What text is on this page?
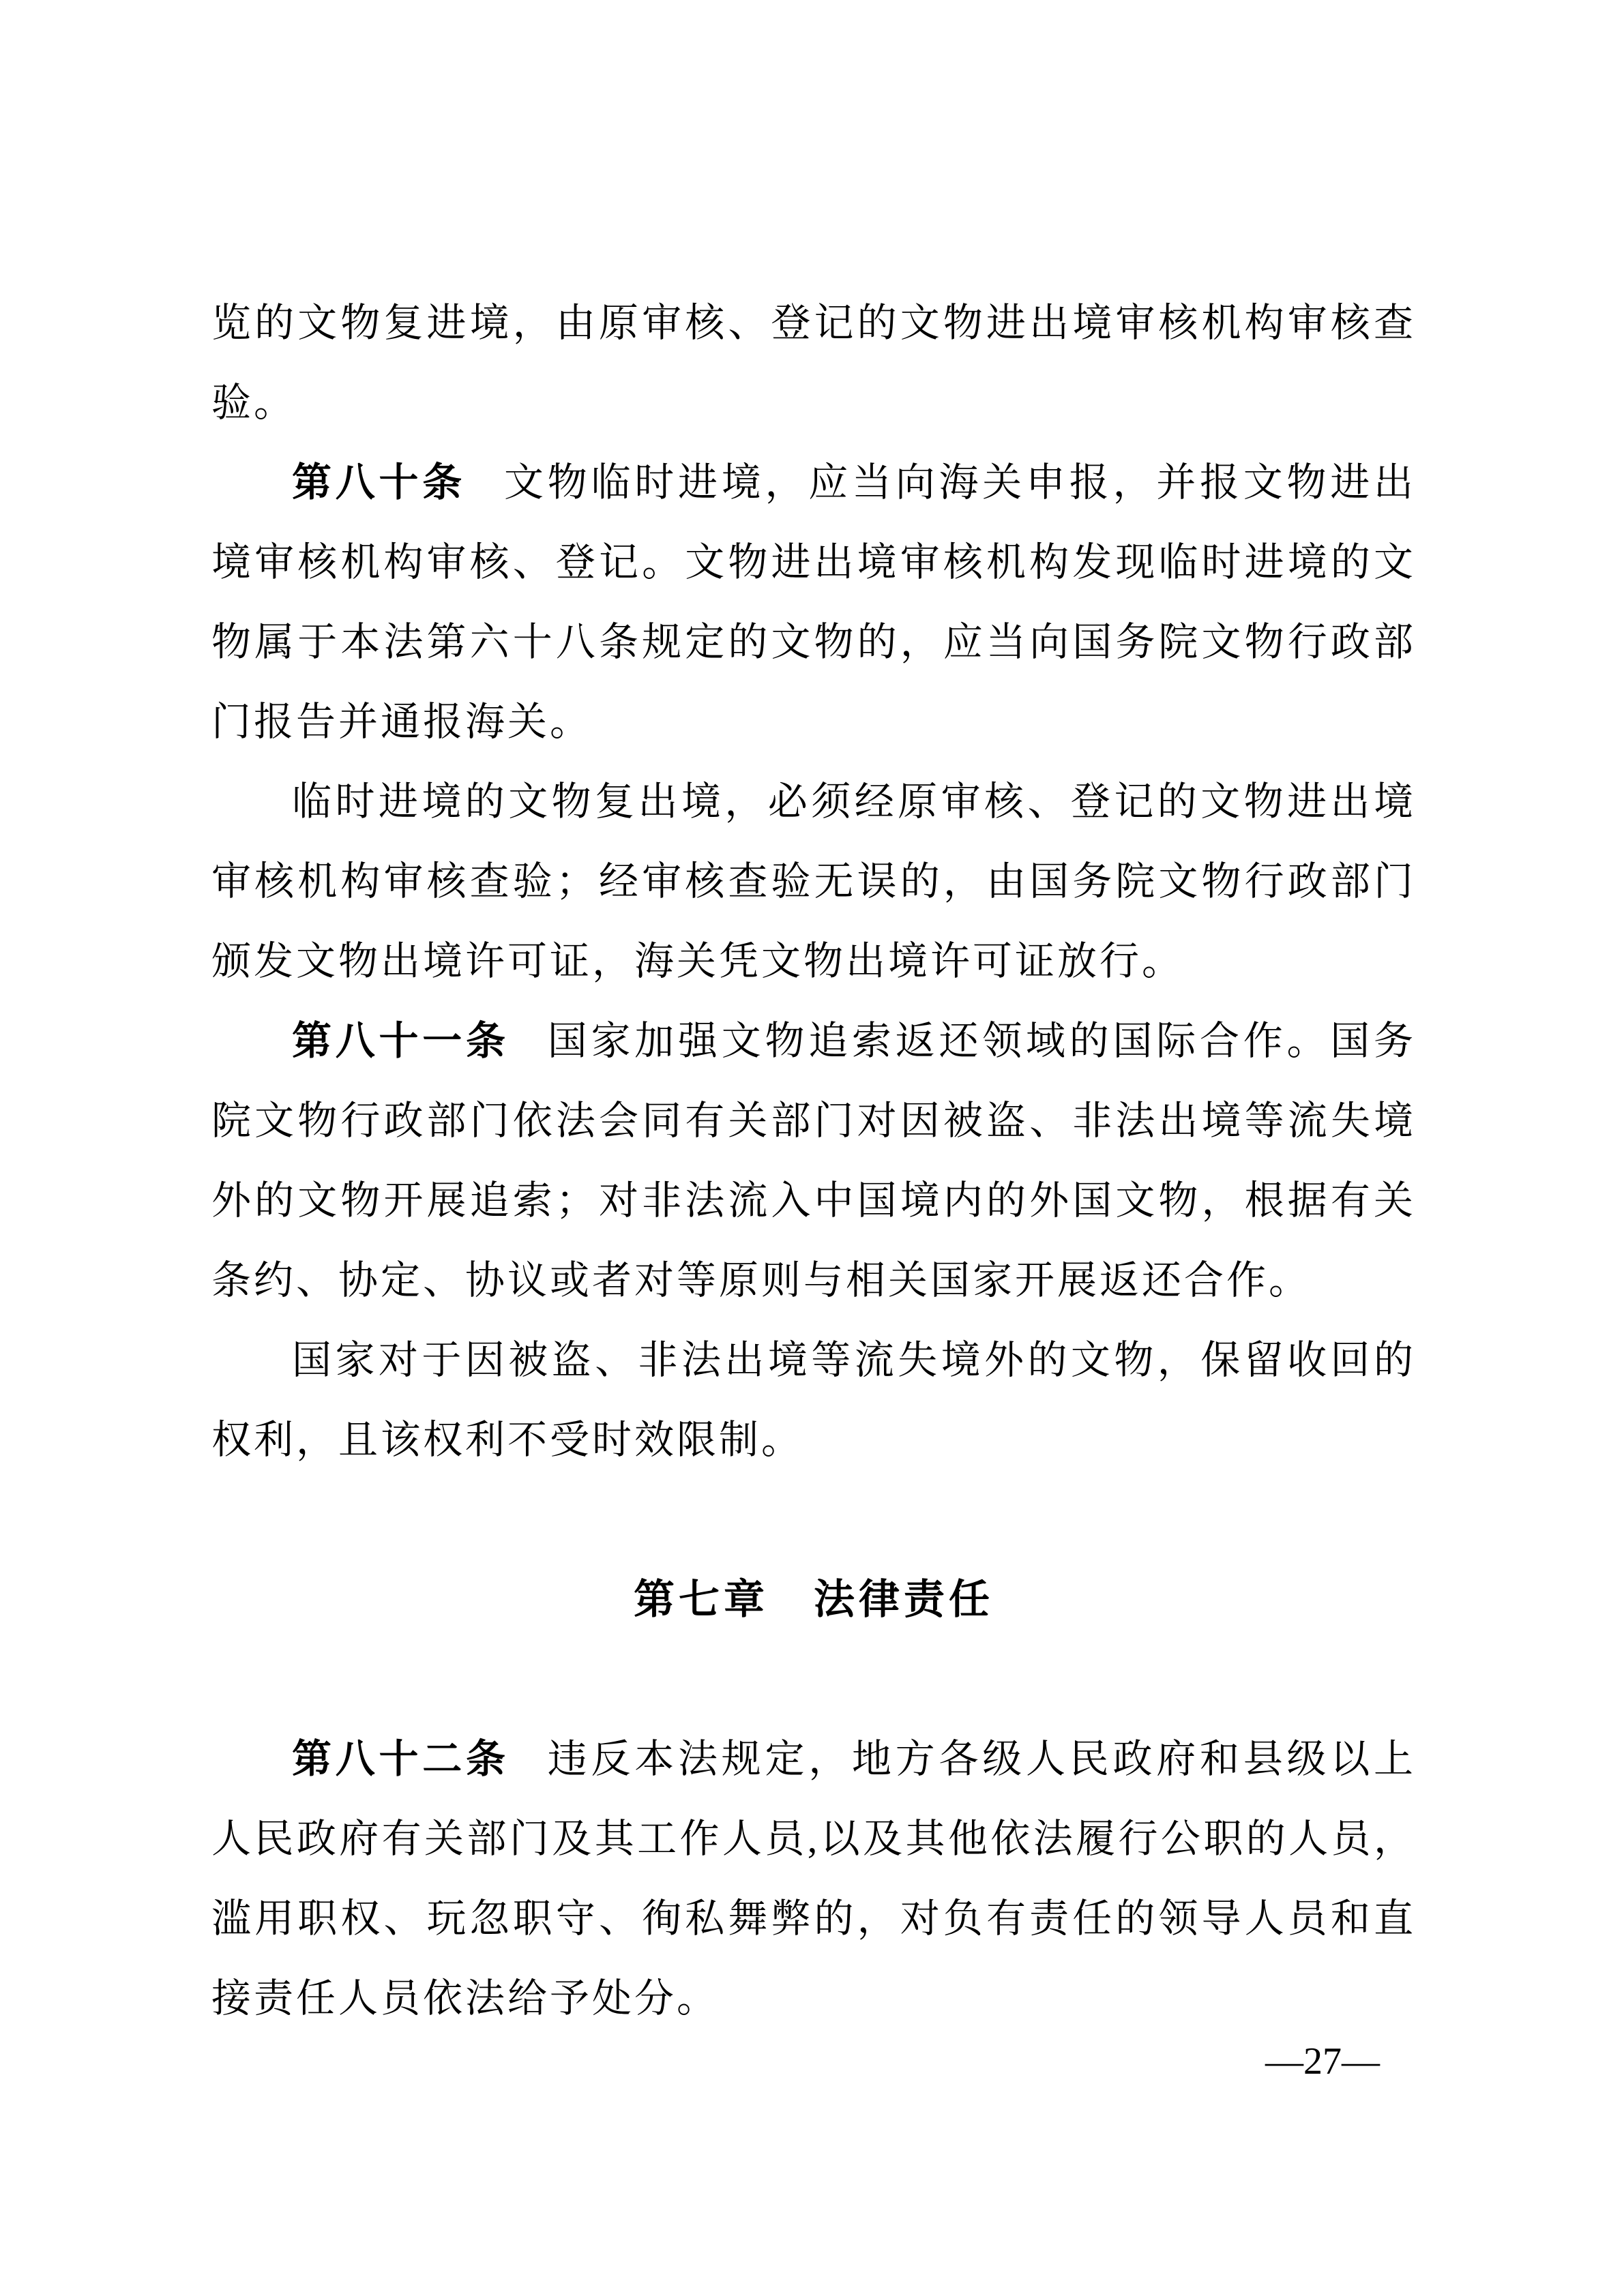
览的文物复进境，由原审核、登记的文物进出境审核机构审核查
验。
第八十条 文物临时进境，应当向海关申报，并报文物进出
境审核机构审核、登记。文物进出境审核机构发现临时进境的文
物属于本法第六十八条规定的文物的，应当向国务院文物行政部
门报告并通报海关。
临时进境的文物复出境，必须经原审核、登记的文物进出境
审核机构审核查验；经审核查验无误的，由国务院文物行政部门
颁发文物出境许可证，海关凭文物出境许可证放行。
第八十一条 国家加强文物追索返还领域的国际合作。国务
院文物行政部门依法会同有关部门对因被盗、非法出境等流失境
外的文物开展追索；对非法流入中国境内的外国文物，根据有关
条约、协定、协议或者对等原则与相关国家开展返还合作。
国家对于因被盗、非法出境等流失境外的文物，保留收回的
权利，且该权利不受时效限制。
第七章　法律责任
第八十二条 违反本法规定，地方各级人民政府和县级以上
人民政府有关部门及其工作人员,以及其他依法履行公职的人员，
滥用职权、玩忽职守、徇私舞弊的，对负有责任的领导人员和直
接责任人员依法给予处分。
—27—
